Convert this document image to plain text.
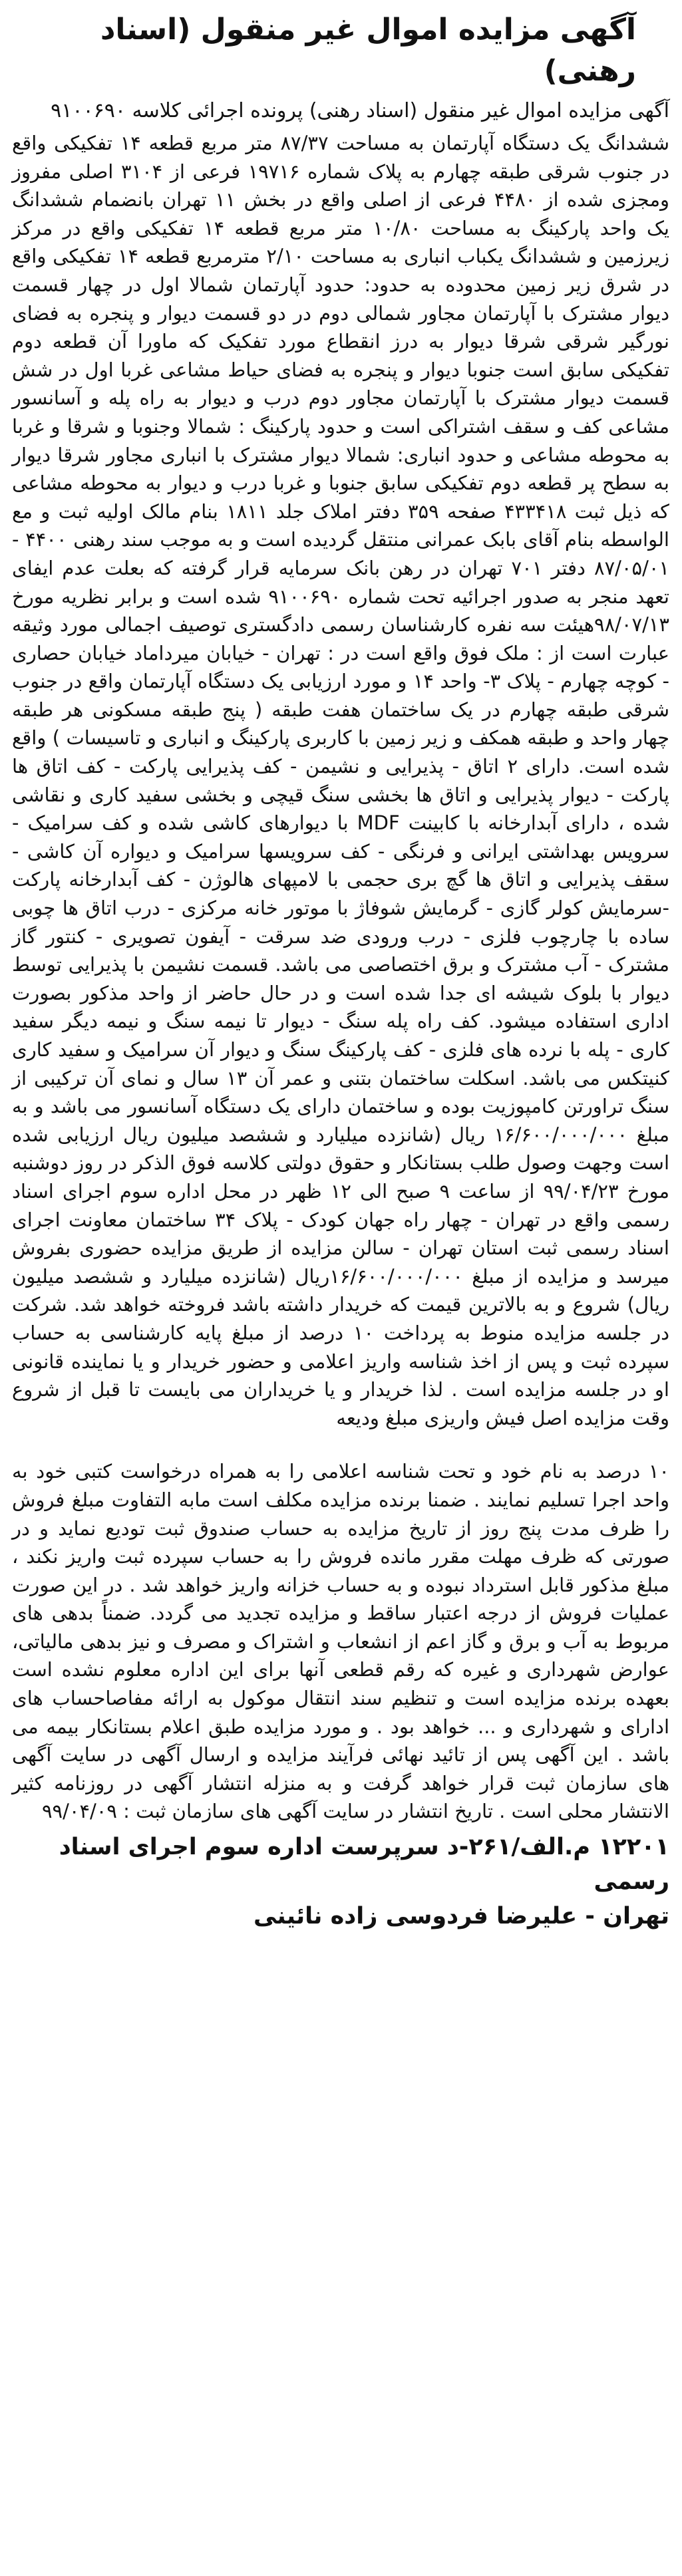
آگهی مزایده اموال غیر منقول (اسناد رهنی)
آگهی مزایده اموال غیر منقول (اسناد رهنی) پرونده اجرائی کلاسه ۹۱۰۰۶۹۰

ششدانگ یک دستگاه آپارتمان به مساحت ۸۷/۳۷ متر مربع قطعه ۱۴ تفکیکی واقع در جنوب شرقی طبقه چهارم به پلاک شماره ۱۹۷۱۶ فرعی از ۳۱۰۴ اصلی مفروز ومجزی شده از ۴۴۸۰ فرعی از اصلی واقع در بخش ۱۱ تهران بانضمام ششدانگ یک واحد پارکینگ به مساحت ۱۰/۸۰ متر مربع قطعه ۱۴ تفکیکی واقع در مرکز زیرزمین و ششدانگ یکباب انباری به مساحت ۲/۱۰ مترمربع قطعه ۱۴ تفکیکی واقع در شرق زیر زمین محدوده به حدود: حدود آپارتمان شمالا اول در چهار قسمت دیوار مشترک با آپارتمان مجاور شمالی دوم در دو قسمت دیوار و پنجره به فضای نورگیر شرقی شرقا دیوار به درز انقطاع مورد تفکیک که ماورا آن قطعه دوم تفکیکی سابق است جنوبا دیوار و پنجره به فضای حیاط مشاعی غربا اول در شش قسمت دیوار مشترک با آپارتمان مجاور دوم درب و دیوار به راه پله و آسانسور مشاعی کف و سقف اشتراکی است و حدود پارکینگ : شمالا وجنوبا و شرقا و غربا به محوطه مشاعی و حدود انباری: شمالا دیوار مشترک با انباری مجاور شرقا دیوار به سطح پر قطعه دوم تفکیکی سابق جنوبا و غربا درب و دیوار به محوطه مشاعی که ذیل ثبت ۴۳۳۴۱۸ صفحه ۳۵۹ دفتر املاک جلد ۱۸۱۱ بنام مالک اولیه ثبت و مع الواسطه بنام آقای بابک عمرانی منتقل گردیده است و به موجب سند رهنی ۴۴۰۰ - ۸۷/۰۵/۰۱ دفتر ۷۰۱ تهران در رهن بانک سرمایه قرار گرفته که بعلت عدم ایفای تعهد منجر به صدور اجرائیه تحت شماره ۹۱۰۰۶۹۰ شده است و برابر نظریه مورخ ۹۸/۰۷/۱۳هیئت سه نفره کارشناسان رسمی دادگستری توصیف اجمالی مورد وثیقه عبارت است از : ملک فوق واقع است در : تهران - خیابان میرداماد خیابان حصاری - کوچه چهارم - پلاک ۳- واحد ۱۴ و مورد ارزیابی یک دستگاه آپارتمان واقع در جنوب شرقی طبقه چهارم در یک ساختمان هفت طبقه ( پنج طبقه مسکونی هر طبقه چهار واحد و طبقه همکف و زیر زمین با کاربری پارکینگ و انباری و تاسیسات ) واقع شده است. دارای ۲ اتاق - پذیرایی و نشیمن - کف پذیرایی پارکت - کف اتاق ها پارکت - دیوار پذیرایی و اتاق ها بخشی سنگ قیچی و بخشی سفید کاری و نقاشی شده ، دارای آبدارخانه با کابینت MDF با دیوارهای کاشی شده و کف سرامیک - سرویس بهداشتی ایرانی و فرنگی - کف سرویسها سرامیک و دیواره آن کاشی - سقف پذیرایی و اتاق ها گچ بری حجمی با لامپهای هالوژن - کف آبدارخانه پارکت -سرمایش کولر گازی - گرمایش شوفاژ با موتور خانه مرکزی - درب اتاق ها چوبی ساده با چارچوب فلزی - درب ورودی ضد سرقت - آیفون تصویری - کنتور گاز مشترک - آب مشترک و برق اختصاصی می باشد. قسمت نشیمن با پذیرایی توسط دیوار با بلوک شیشه ای جدا شده است و در حال حاضر از واحد مذکور بصورت اداری استفاده میشود. کف راه پله سنگ - دیوار تا نیمه سنگ و نیمه دیگر سفید کاری - پله با نرده های فلزی - کف پارکینگ سنگ و دیوار آن سرامیک و سفید کاری کنیتکس می باشد. اسکلت ساختمان بتنی و عمر آن ۱۳ سال و نمای آن ترکیبی از سنگ تراورتن کامپوزیت بوده و ساختمان دارای یک دستگاه آسانسور می باشد و به مبلغ ۱۶/۶۰۰/۰۰۰/۰۰۰ ریال (شانزده میلیارد و ششصد میلیون ریال ارزیابی شده است وجهت وصول طلب بستانکار و حقوق دولتی کلاسه فوق الذکر در روز دوشنبه مورخ ۹۹/۰۴/۲۳ از ساعت ۹ صبح الی ۱۲ ظهر در محل اداره سوم اجرای اسناد رسمی واقع در تهران - چهار راه جهان کودک - پلاک ۳۴ ساختمان معاونت اجرای اسناد رسمی ثبت استان تهران - سالن مزایده از طریق مزایده حضوری بفروش میرسد و مزایده از مبلغ ۱۶/۶۰۰/۰۰۰/۰۰۰ریال (شانزده میلیارد و ششصد میلیون ریال) شروع و به بالاترین قیمت که خریدار داشته باشد فروخته خواهد شد. شرکت در جلسه مزایده منوط به پرداخت ۱۰ درصد از مبلغ پایه کارشناسی به حساب سپرده ثبت و پس از اخذ شناسه واریز اعلامی و حضور خریدار و یا نماینده قانونی او در جلسه مزایده است . لذا خریدار و یا خریداران می بایست تا قبل از شروع وقت مزایده اصل فیش واریزی مبلغ ودیعه

۱۰ درصد به نام خود و تحت شناسه اعلامی را به همراه درخواست کتبی خود به واحد اجرا تسلیم نمایند . ضمنا برنده مزایده مکلف است مابه التفاوت مبلغ فروش را ظرف مدت پنج روز از تاریخ مزایده به حساب صندوق ثبت تودیع نماید و در صورتی که ظرف مهلت مقرر مانده فروش را به حساب سپرده ثبت واریز نکند ، مبلغ مذکور قابل استرداد نبوده و به حساب خزانه واریز خواهد شد . در این صورت عملیات فروش از درجه اعتبار ساقط و مزایده تجدید می گردد. ضمناً بدهی های مربوط به آب و برق و گاز اعم از انشعاب و اشتراک و مصرف و نیز بدهی مالیاتی، عوارض شهرداری و غیره که رقم قطعی آنها برای این اداره معلوم نشده است بعهده برنده مزایده است و تنظیم سند انتقال موکول به ارائه مفاصاحساب های ادارای و شهرداری و ... خواهد بود . و مورد مزایده طبق اعلام بستانکار بیمه می باشد . این آگهی پس از تائید نهائی فرآیند مزایده و ارسال آگهی در سایت آگهی های سازمان ثبت قرار خواهد گرفت و به منزله انتشار آگهی در روزنامه کثیر الانتشار محلی است . تاریخ انتشار در سایت آگهی های سازمان ثبت : ۹۹/۰۴/۰۹

۱۲۲۰۱ م.الف/۲۶۱-د سرپرست اداره سوم اجرای اسناد رسمی
تهران - علیرضا فردوسی زاده نائینی
